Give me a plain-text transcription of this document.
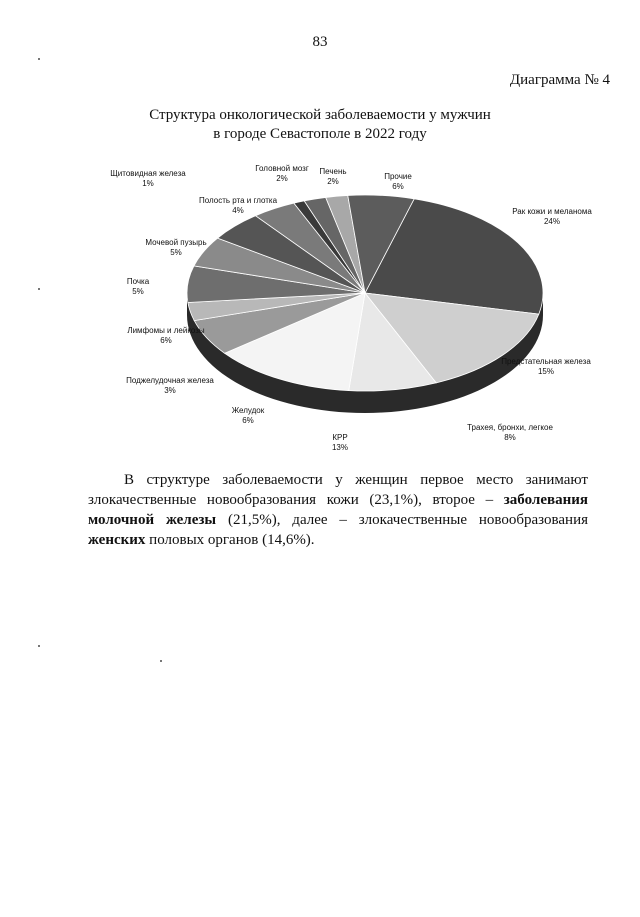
83
Диаграмма № 4
Структура онкологической заболеваемости у мужчин
в городе Севастополе в 2022 году
Рак кожи и меланома 24%
Предстательная железа 15%
Трахея, бронхи, легкое 8%
КРР 13%
Желудок 6%
Поджелудочная железа 3%
Лимфомы и лейкозы 6%
Почка 5%
Мочевой пузырь 5%
Полость рта и глотка 4%
Щитовидная железа 1%
Головной мозг 2%
Печень 2%
Прочие 6%
В структуре заболеваемости у женщин первое место занимают злокачественные новообразования кожи (23,1%), второе – заболевания молочной железы (21,5%), далее – злокачественные новообразования женских половых органов (14,6%).
